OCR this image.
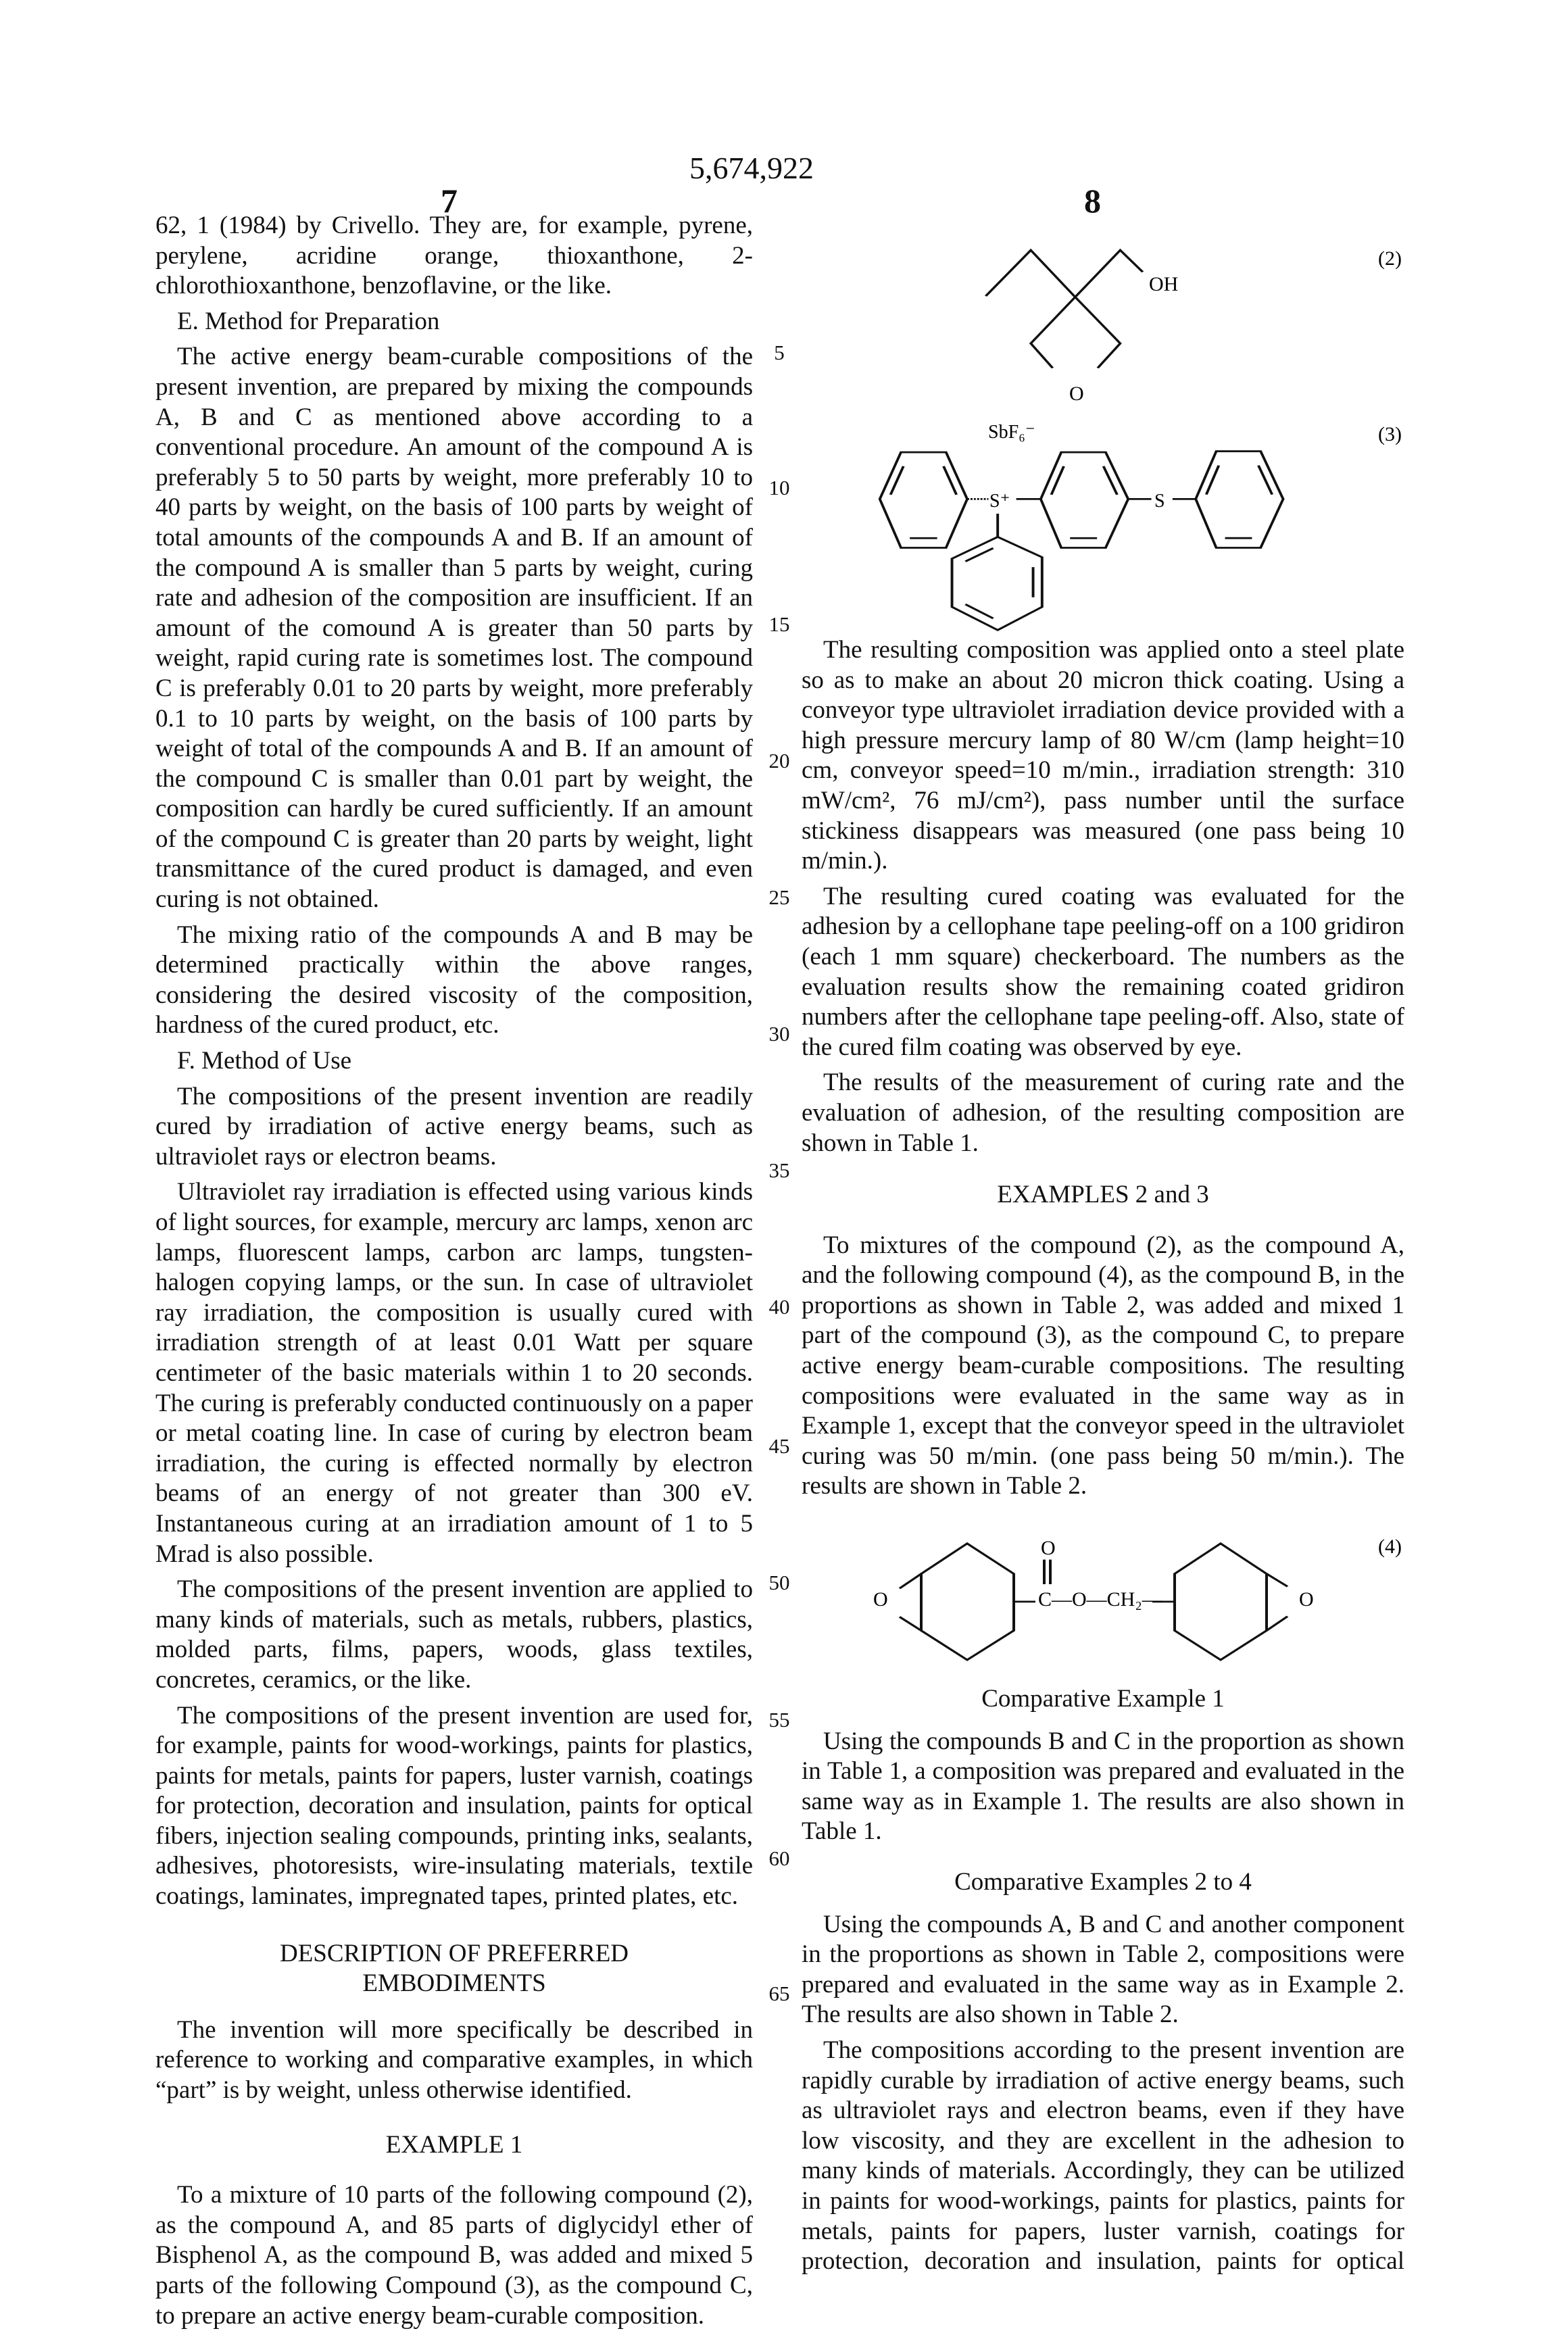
5,674,922
7	8
5
10
15
20
25
30
35
40
45
50
55
60
65

62, 1 (1984) by Crivello. They are, for example, pyrene, perylene, acridine orange, thioxanthone, 2-chlorothioxanthone, benzoflavine, or the like.

E. Method for Preparation

The active energy beam-curable compositions of the present invention, are prepared by mixing the compounds A, B and C as mentioned above according to a conventional procedure. An amount of the compound A is preferably 5 to 50 parts by weight, more preferably 10 to 40 parts by weight, on the basis of 100 parts by weight of total amounts of the compounds A and B. If an amount of the compound A is smaller than 5 parts by weight, curing rate and adhesion of the composition are insufficient. If an amount of the comound A is greater than 50 parts by weight, rapid curing rate is sometimes lost. The compound C is preferably 0.01 to 20 parts by weight, more preferably 0.1 to 10 parts by weight, on the basis of 100 parts by weight of total of the compounds A and B. If an amount of the compound C is smaller than 0.01 part by weight, the composition can hardly be cured sufficiently. If an amount of the compound C is greater than 20 parts by weight, light transmittance of the cured product is damaged, and even curing is not obtained.

The mixing ratio of the compounds A and B may be determined practically within the above ranges, considering the desired viscosity of the composition, hardness of the cured product, etc.

F. Method of Use

The compositions of the present invention are readily cured by irradiation of active energy beams, such as ultraviolet rays or electron beams.

Ultraviolet ray irradiation is effected using various kinds of light sources, for example, mercury arc lamps, xenon arc lamps, fluorescent lamps, carbon arc lamps, tungsten-halogen copying lamps, or the sun. In case of ultraviolet ray irradiation, the composition is usually cured with irradiation strength of at least 0.01 Watt per square centimeter of the basic materials within 1 to 20 seconds. The curing is preferably conducted continuously on a paper or metal coating line. In case of curing by electron beam irradiation, the curing is effected normally by electron beams of an energy of not greater than 300 eV. Instantaneous curing at an irradiation amount of 1 to 5 Mrad is also possible.

The compositions of the present invention are applied to many kinds of materials, such as metals, rubbers, plastics, molded parts, films, papers, woods, glass textiles, concretes, ceramics, or the like.

The compositions of the present invention are used for, for example, paints for wood-workings, paints for plastics, paints for metals, paints for papers, luster varnish, coatings for protection, decoration and insulation, paints for optical fibers, injection sealing compounds, printing inks, sealants, adhesives, photoresists, wire-insulating materials, textile coatings, laminates, impregnated tapes, printed plates, etc.

DESCRIPTION OF PREFERRED
EMBODIMENTS

The invention will more specifically be described in reference to working and comparative examples, in which “part” is by weight, unless otherwise identified.

EXAMPLE 1

To a mixture of 10 parts of the following compound (2), as the compound A, and 85 parts of diglycidyl ether of Bisphenol A, as the compound B, was added and mixed 5 parts of the following Compound (3), as the compound C, to prepare an active energy beam-curable composition.

OH
O
(2)
SbF₆⁻	(3)
S⁺	S

The resulting composition was applied onto a steel plate so as to make an about 20 micron thick coating. Using a conveyor type ultraviolet irradiation device provided with a high pressure mercury lamp of 80 W/cm (lamp height=10 cm, conveyor speed=10 m/min., irradiation strength: 310 mW/cm², 76 mJ/cm²), pass number until the surface stickiness disappears was measured (one pass being 10 m/min.).

The resulting cured coating was evaluated for the adhesion by a cellophane tape peeling-off on a 100 gridiron (each 1 mm square) checkerboard. The numbers as the evaluation results show the remaining coated gridiron numbers after the cellophane tape peeling-off. Also, state of the cured film coating was observed by eye.

The results of the measurement of curing rate and the evaluation of adhesion, of the resulting composition are shown in Table 1.

EXAMPLES 2 and 3

To mixtures of the compound (2), as the compound A, and the following compound (4), as the compound B, in the proportions as shown in Table 2, was added and mixed 1 part of the compound (3), as the compound C, to prepare active energy beam-curable compositions. The resulting compositions were evaluated in the same way as in Example 1, except that the conveyor speed in the ultraviolet curing was 50 m/min. (one pass being 50 m/min.). The results are shown in Table 2.

O	O
O
C—O—CH₂—
(4)

Comparative Example 1

Using the compounds B and C in the proportion as shown in Table 1, a composition was prepared and evaluated in the same way as in Example 1. The results are also shown in Table 1.

Comparative Examples 2 to 4

Using the compounds A, B and C and another component in the proportions as shown in Table 2, compositions were prepared and evaluated in the same way as in Example 2. The results are also shown in Table 2.

The compositions according to the present invention are rapidly curable by irradiation of active energy beams, such as ultraviolet rays and electron beams, even if they have low viscosity, and they are excellent in the adhesion to many kinds of materials. Accordingly, they can be utilized in paints for wood-workings, paints for plastics, paints for metals, paints for papers, luster varnish, coatings for protection, decoration and insulation, paints for optical
